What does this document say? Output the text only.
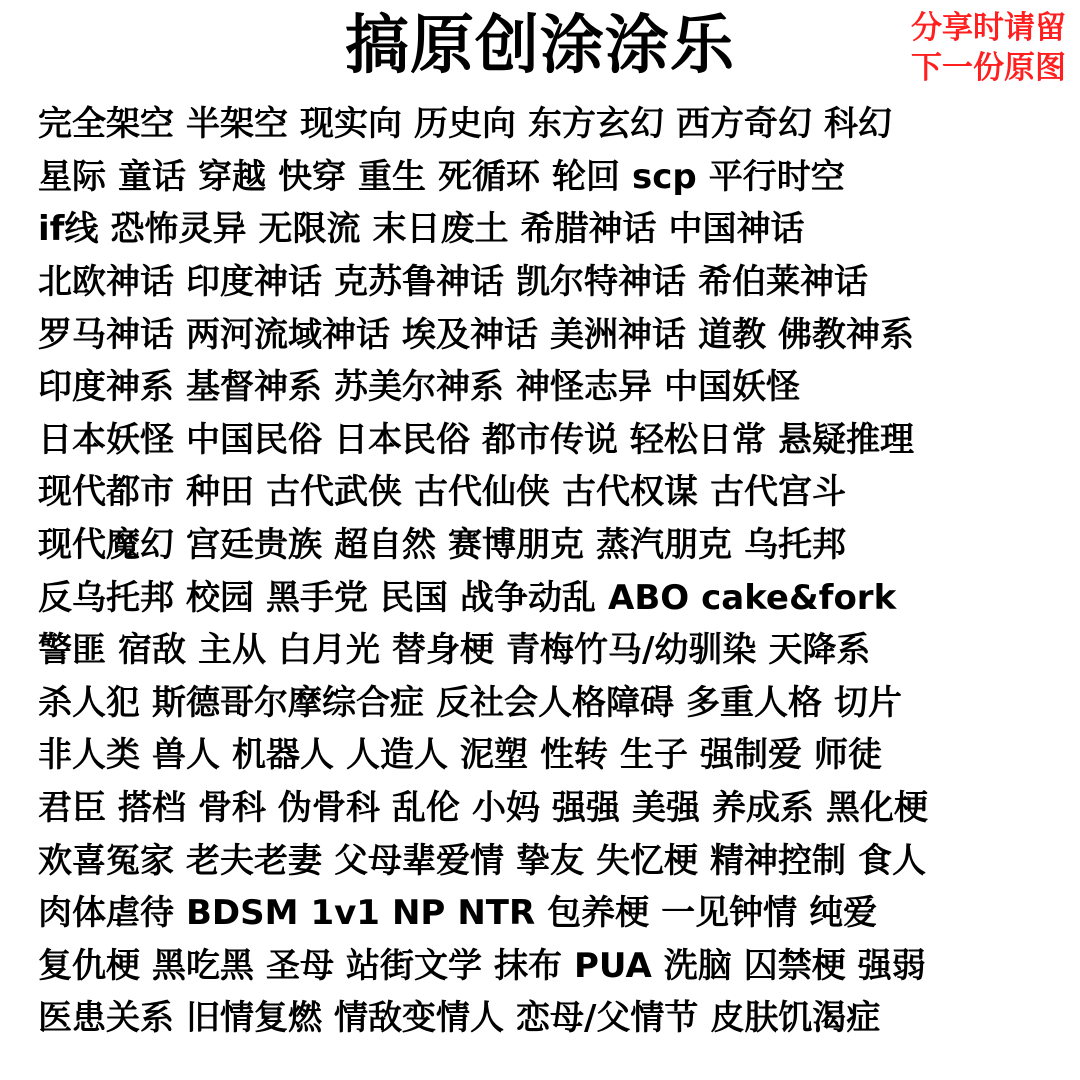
搞原创涂涂乐	分享时请留
下一份原图
完全架空 半架空 现实向 历史向 东方玄幻 西方奇幻 科幻
星际 童话 穿越 快穿 重生 死循环 轮回 scp 平行时空
if线 恐怖灵异 无限流 末日废土 希腊神话 中国神话
北欧神话 印度神话 克苏鲁神话 凯尔特神话 希伯莱神话
罗马神话 两河流域神话 埃及神话 美洲神话 道教 佛教神系
印度神系 基督神系 苏美尔神系 神怪志异 中国妖怪
日本妖怪 中国民俗 日本民俗 都市传说 轻松日常 悬疑推理
现代都市 种田 古代武侠 古代仙侠 古代权谋 古代宫斗
现代魔幻 宫廷贵族 超自然 赛博朋克 蒸汽朋克 乌托邦
反乌托邦 校园 黑手党 民国 战争动乱 ABO cake&fork
警匪 宿敌 主从 白月光 替身梗 青梅竹马/幼驯染 天降系
杀人犯 斯德哥尔摩综合症 反社会人格障碍 多重人格 切片
非人类 兽人 机器人 人造人 泥塑 性转 生子 强制爱 师徒
君臣 搭档 骨科 伪骨科 乱伦 小妈 强强 美强 养成系 黑化梗
欢喜冤家 老夫老妻 父母辈爱情 挚友 失忆梗 精神控制 食人
肉体虐待 BDSM 1v1 NP NTR 包养梗 一见钟情 纯爱
复仇梗 黑吃黑 圣母 站街文学 抹布 PUA 洗脑 囚禁梗 强弱
医患关系 旧情复燃 情敌变情人 恋母/父情节 皮肤饥渴症
